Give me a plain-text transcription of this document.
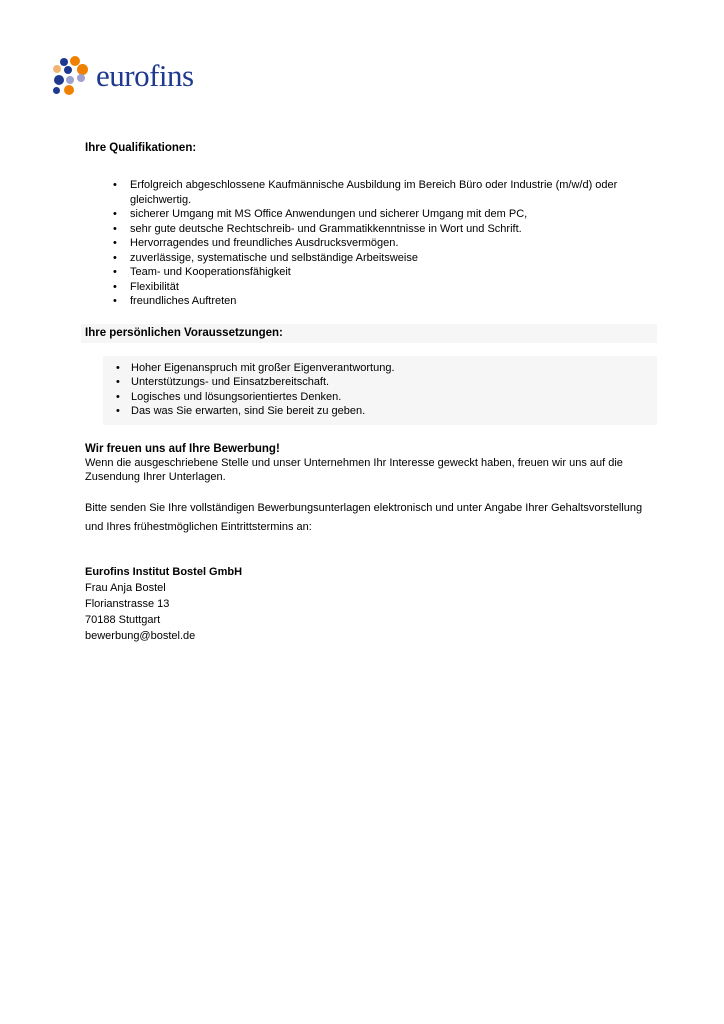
eurofins
Ihre Qualifikationen:
• Erfolgreich abgeschlossene Kaufmännische Ausbildung im Bereich Büro oder Industrie (m/w/d) oder gleichwertig.
• sicherer Umgang mit MS Office Anwendungen und sicherer Umgang mit dem PC,
• sehr gute deutsche Rechtschreib- und Grammatikkenntnisse in Wort und Schrift.
• Hervorragendes und freundliches Ausdrucksvermögen.
• zuverlässige, systematische und selbständige Arbeitsweise
• Team- und Kooperationsfähigkeit
• Flexibilität
• freundliches Auftreten
Ihre persönlichen Voraussetzungen:
• Hoher Eigenanspruch mit großer Eigenverantwortung.
• Unterstützungs- und Einsatzbereitschaft.
• Logisches und lösungsorientiertes Denken.
• Das was Sie erwarten, sind Sie bereit zu geben.
Wir freuen uns auf Ihre Bewerbung!

Wenn die ausgeschriebene Stelle und unser Unternehmen Ihr Interesse geweckt haben, freuen wir uns auf die Zusendung Ihrer Unterlagen.

Bitte senden Sie Ihre vollständigen Bewerbungsunterlagen elektronisch und unter Angabe Ihrer Gehaltsvorstellung und Ihres frühestmöglichen Eintrittstermins an:

Eurofins Institut Bostel GmbH
Frau Anja Bostel
Florianstrasse 13
70188 Stuttgart
bewerbung@bostel.de
